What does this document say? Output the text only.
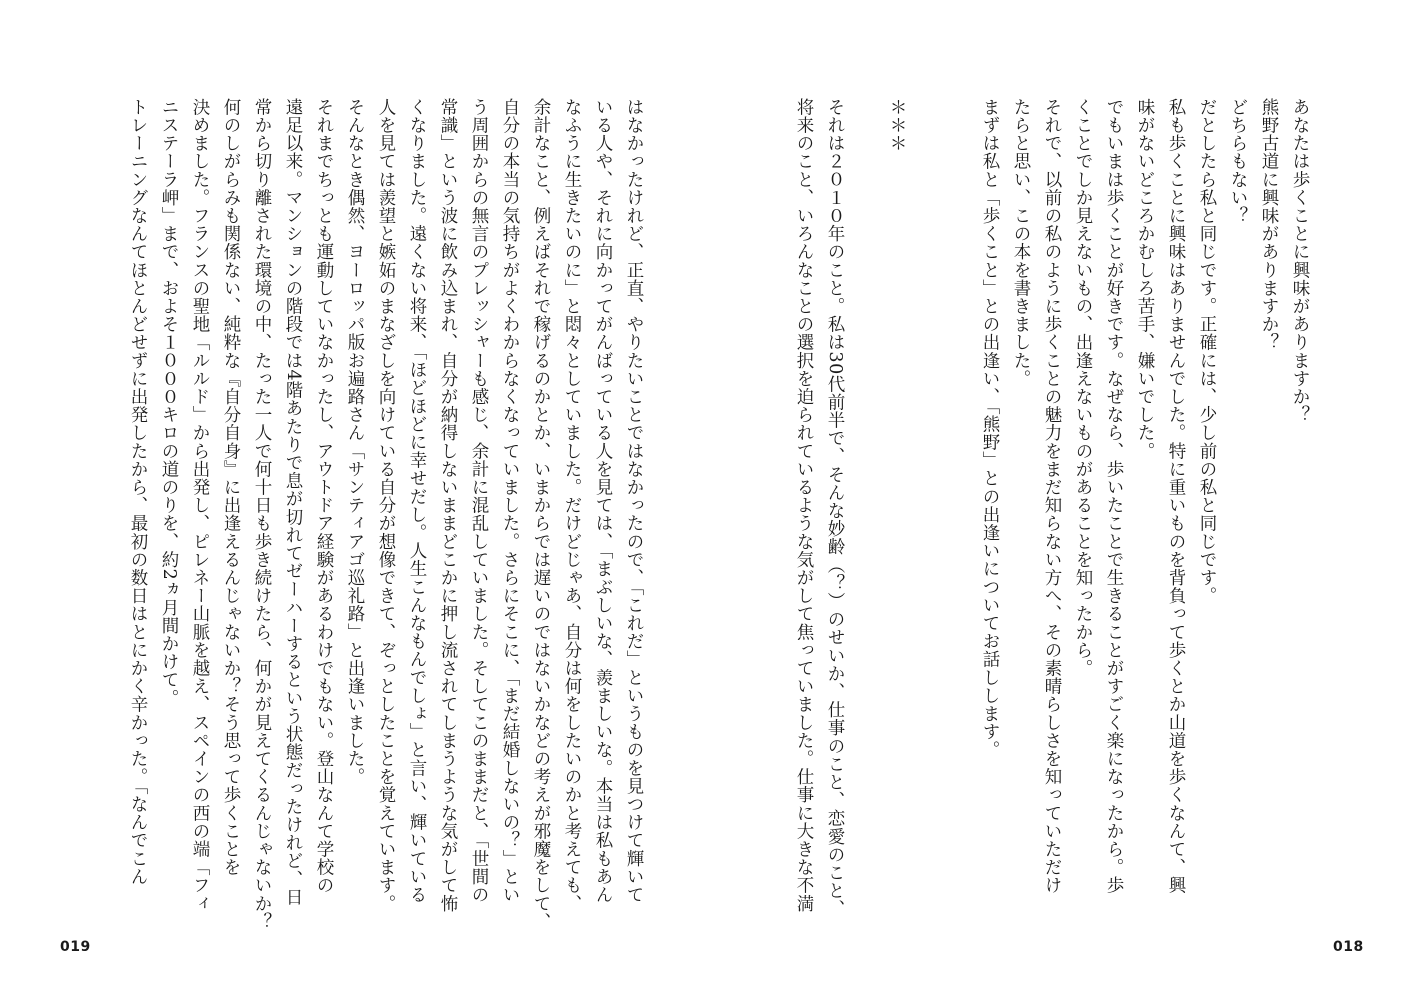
あなたは歩くことに興味がありますか？
熊野古道に興味がありますか？
どちらもない？
だとしたら私と同じです。正確には、少し前の私と同じです。
私も歩くことに興味はありませんでした。特に重いものを背負って歩くとか山道を歩くなんて、興
味がないどころかむしろ苦手、嫌いでした。
でもいまは歩くことが好きです。なぜなら、歩いたことで生きることがすごく楽になったから。歩
くことでしか見えないもの、出逢えないものがあることを知ったから。
それで、以前の私のように歩くことの魅力をまだ知らない方へ、その素晴らしさを知っていただけ
たらと思い、この本を書きました。
まずは私と「歩くこと」との出逢い、「熊野」との出逢いについてお話しします。
＊＊＊
それは２０１０年のこと。私は30代前半で、そんな妙齢（？）のせいか、仕事のこと、恋愛のこと、
将来のこと、いろんなことの選択を迫られているような気がして焦っていました。仕事に大きな不満
018
はなかったけれど、正直、やりたいことではなかったので、「これだ」というものを見つけて輝いて
いる人や、それに向かってがんばっている人を見ては、「まぶしいな、羨ましいな。本当は私もあん
なふうに生きたいのに」と悶々としていました。だけどじゃあ、自分は何をしたいのかと考えても、
余計なこと、例えばそれで稼げるのかとか、いまからでは遅いのではないかなどの考えが邪魔をして、
自分の本当の気持ちがよくわからなくなっていました。さらにそこに、「まだ結婚しないの？」とい
う周囲からの無言のプレッシャーも感じ、余計に混乱していました。そしてこのままだと、「世間の
常識」という波に飲み込まれ、自分が納得しないままどこかに押し流されてしまうような気がして怖
くなりました。遠くない将来、「ほどほどに幸せだし。人生こんなもんでしょ」と言い、輝いている
人を見ては羨望と嫉妬のまなざしを向けている自分が想像できて、ぞっとしたことを覚えています。
そんなとき偶然、ヨーロッパ版お遍路さん「サンティアゴ巡礼路」と出逢いました。
それまでちっとも運動していなかったし、アウトドア経験があるわけでもない。登山なんて学校の
遠足以来。マンションの階段では4階あたりで息が切れてゼーハーするという状態だったけれど、日
常から切り離された環境の中、たった一人で何十日も歩き続けたら、何かが見えてくるんじゃないか？
何のしがらみも関係ない、純粋な『自分自身』に出逢えるんじゃないか？そう思って歩くことを
決めました。フランスの聖地「ルルド」から出発し、ピレネー山脈を越え、スペインの西の端「フィ
ニステーラ岬」まで、およそ１０００キロの道のりを、約2ヵ月間かけて。
トレーニングなんてほとんどせずに出発したから、最初の数日はとにかく辛かった。「なんでこん
019
